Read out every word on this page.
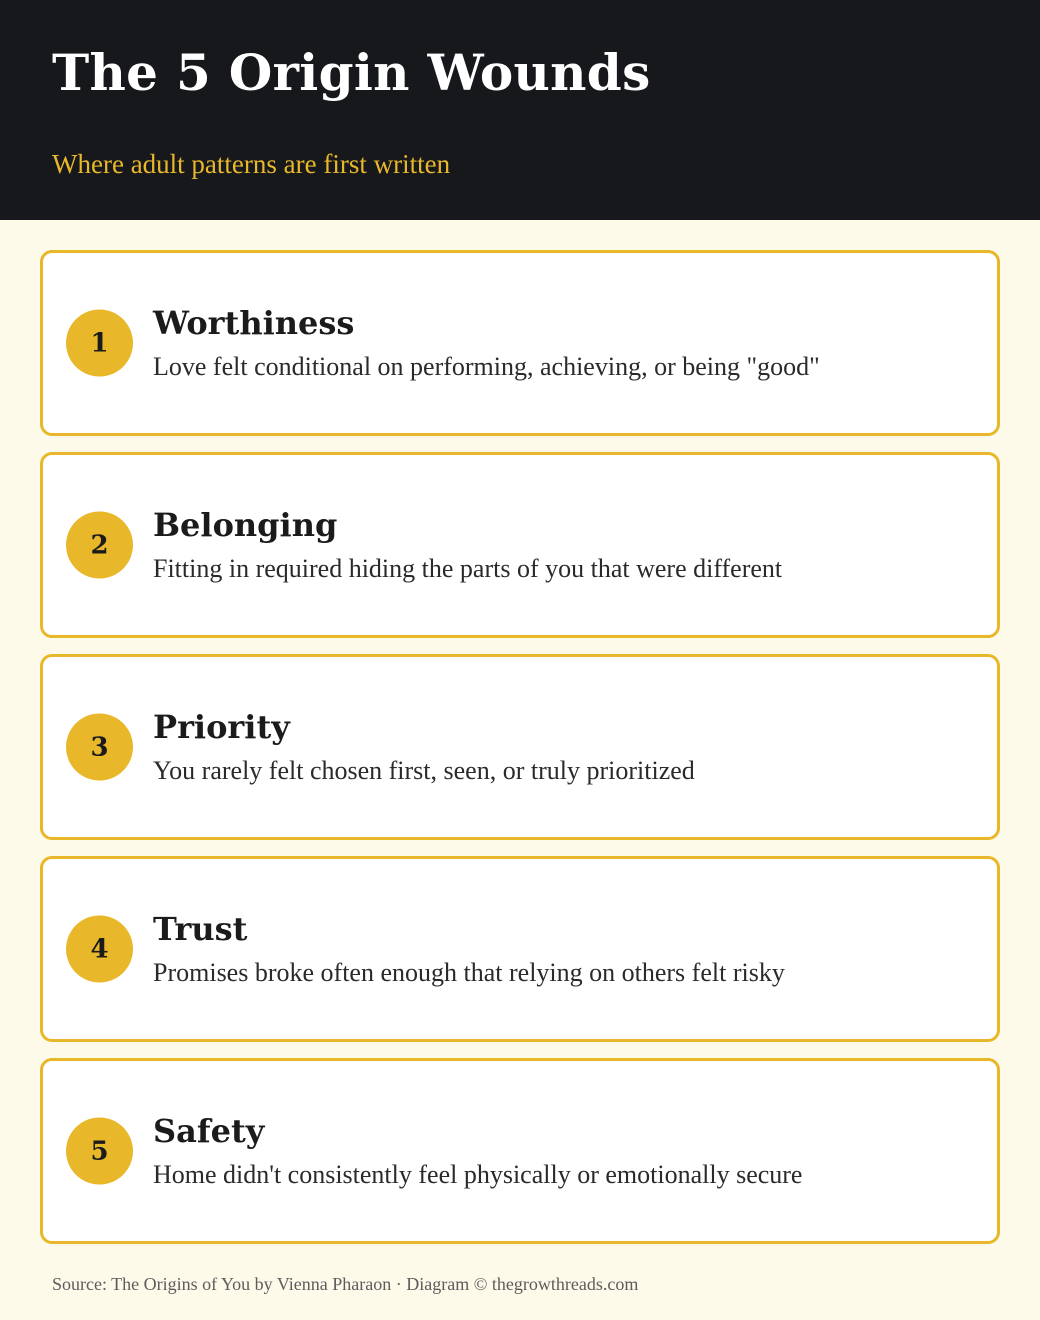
The 5 Origin Wounds

Where adult patterns are first written

1
Worthiness

Love felt conditional on performing, achieving, or being "good"

2
Belonging

Fitting in required hiding the parts of you that were different

3
Priority

You rarely felt chosen first, seen, or truly prioritized

4
Trust

Promises broke often enough that relying on others felt risky

5
Safety

Home didn't consistently feel physically or emotionally secure

Source: The Origins of You by Vienna Pharaon · Diagram © thegrowthreads.com
